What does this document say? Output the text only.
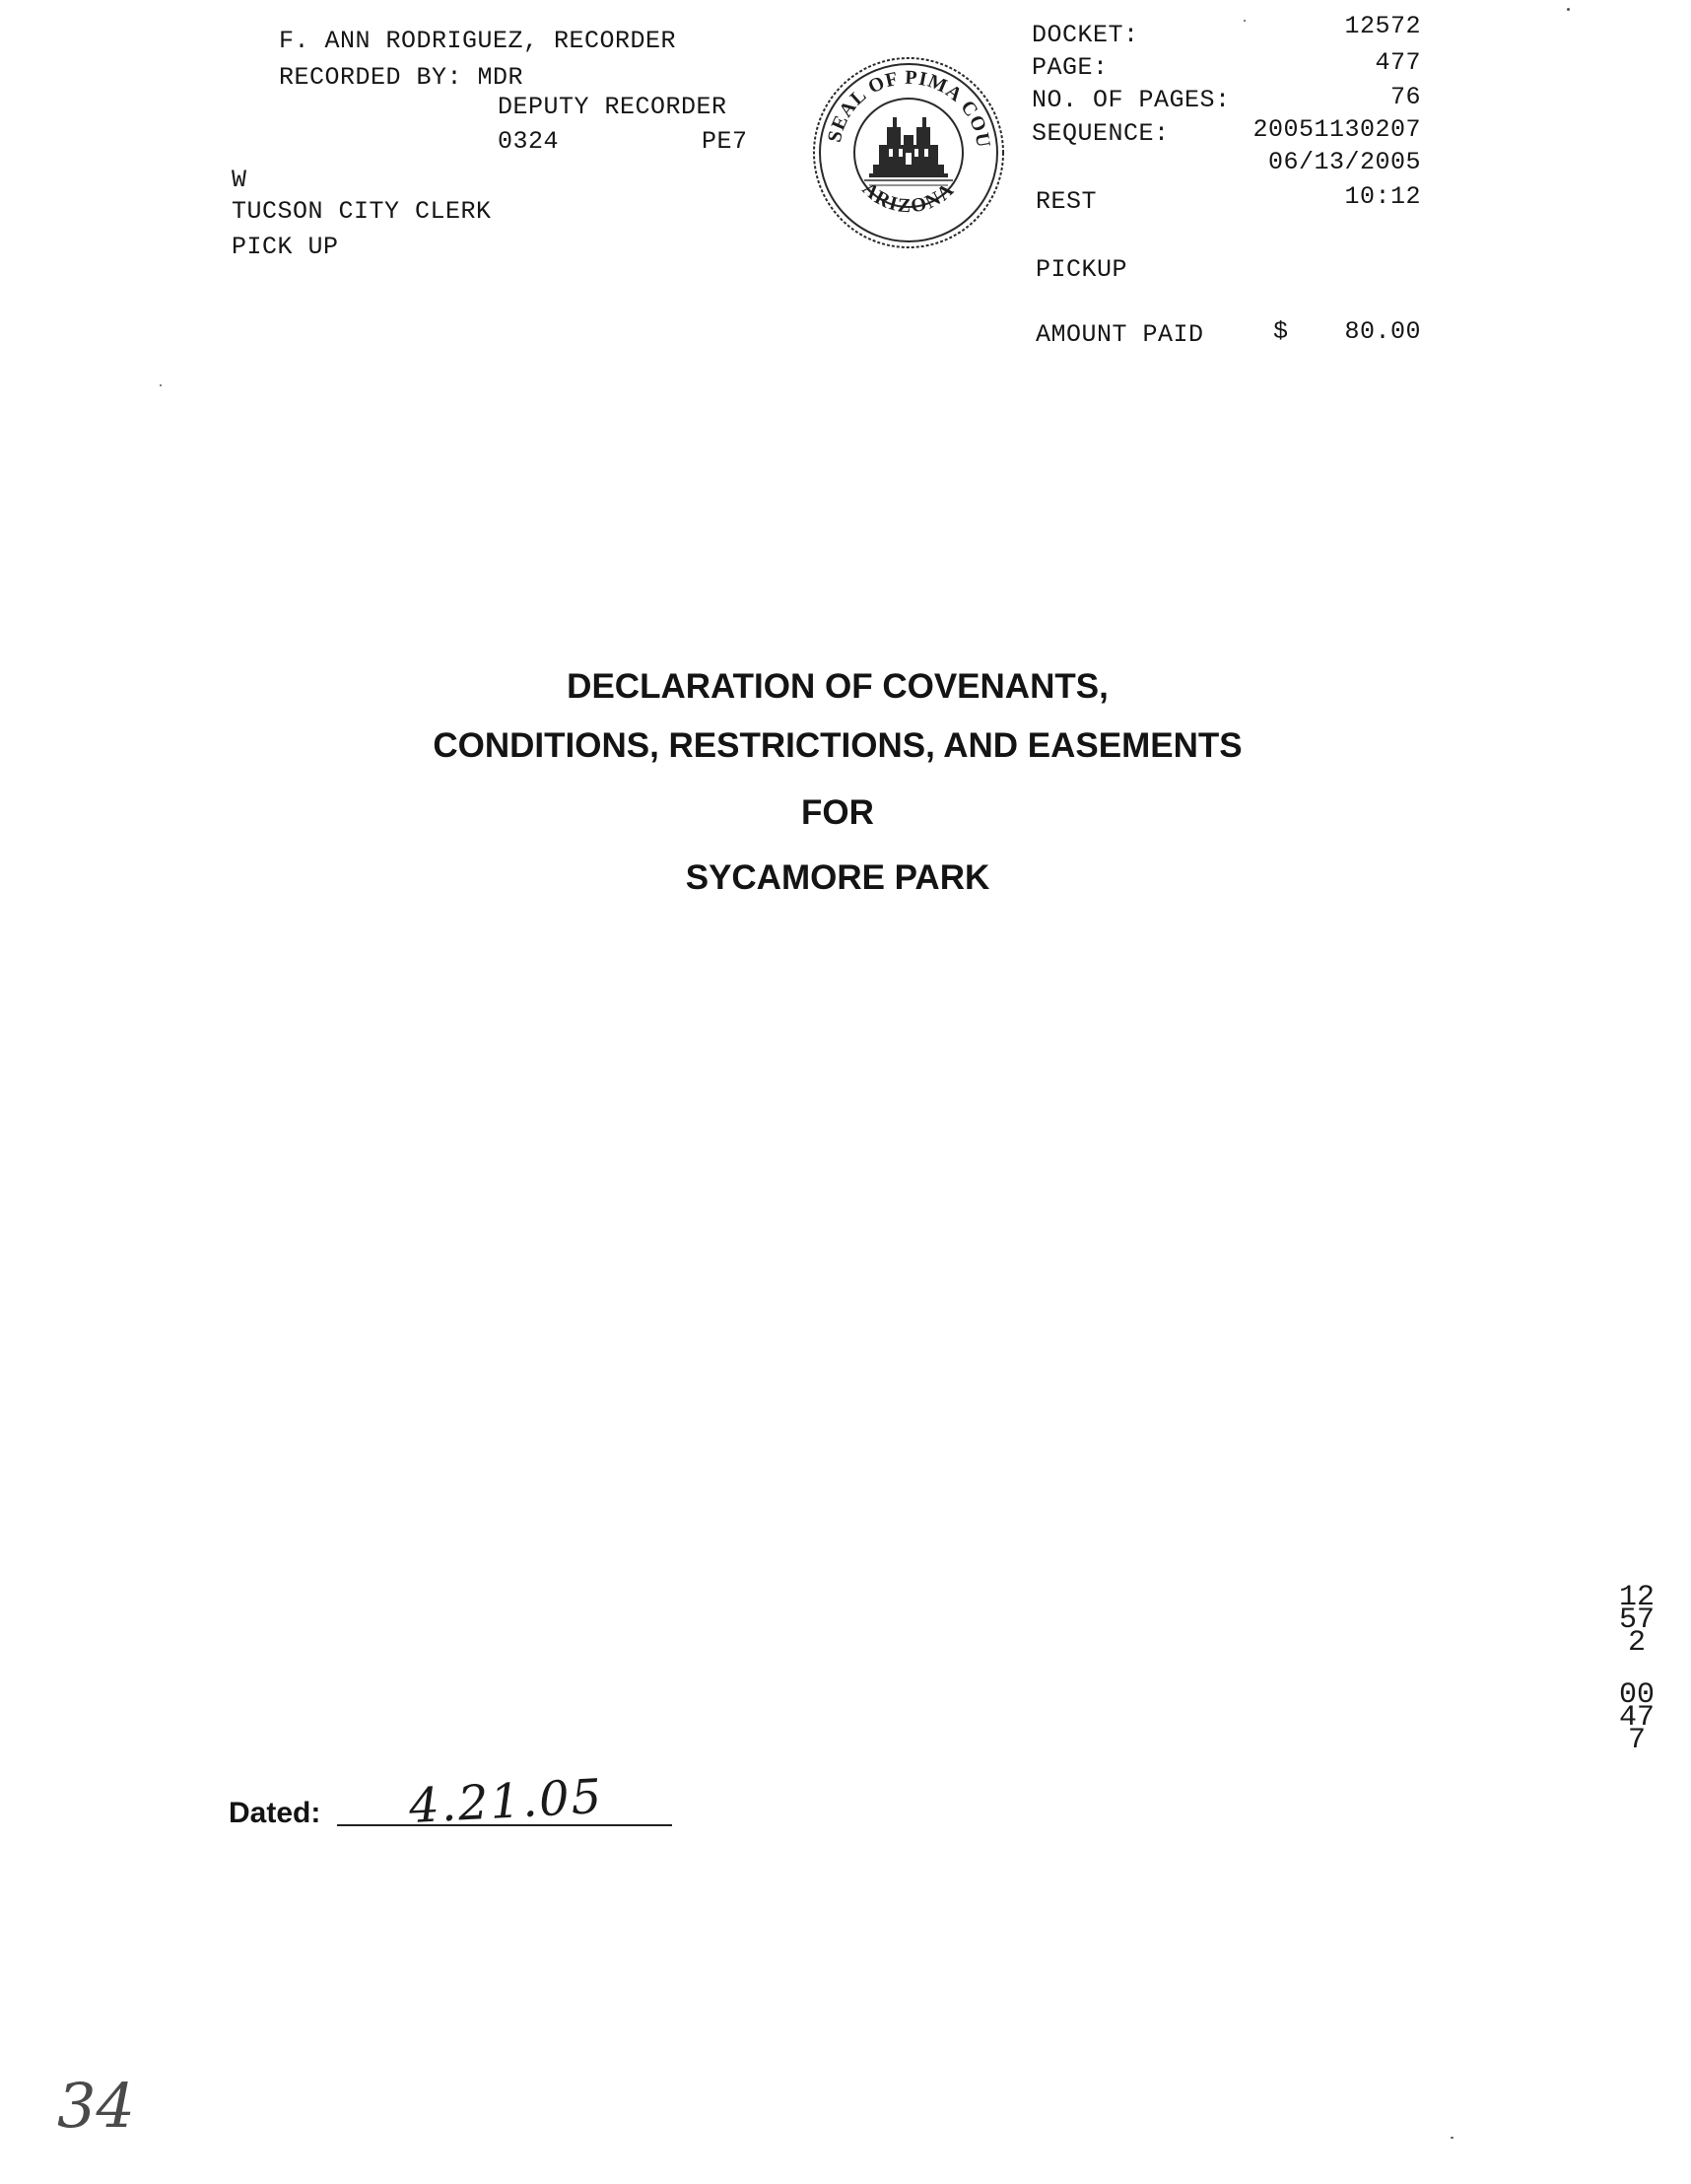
F. ANN RODRIGUEZ, RECORDER
RECORDED BY: MDR
DEPUTY RECORDER
0324	PE7
W
TUCSON CITY CLERK
PICK UP
SEAL OF PIMA COU
ARIZONA
DOCKET:	12572
PAGE:	477
NO. OF PAGES:	76
SEQUENCE:	20051130207
06/13/2005
REST	10:12
PICKUP
AMOUNT PAID	$	80.00
DECLARATION OF COVENANTS,
CONDITIONS, RESTRICTIONS, AND EASEMENTS
FOR
SYCAMORE PARK
Dated: 4.21.05
12572
00477
34
